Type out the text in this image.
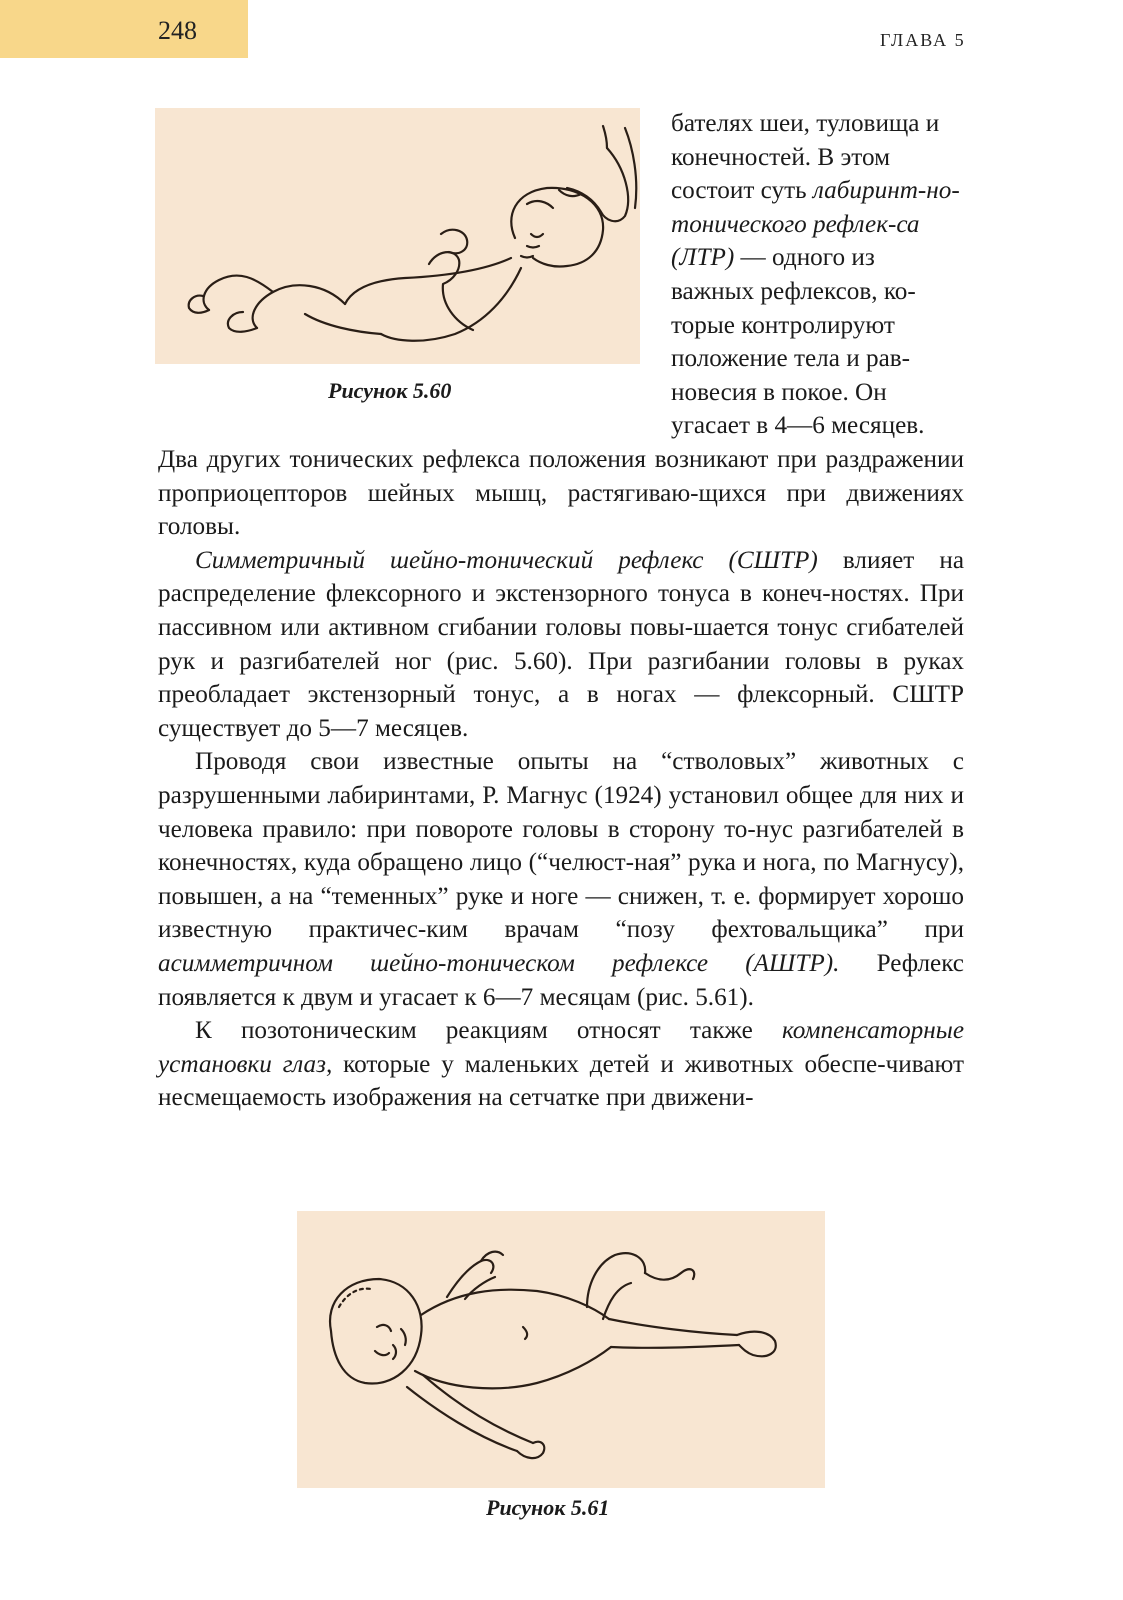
248	ГЛАВА 5
Рисунок 5.60

бателях шеи, туловища и конечностей. В этом состоит суть лабиринт-но-тонического рефлек-са (ЛТР) — одного из важных рефлексов, ко-торые контролируют положение тела и рав-новесия в покое. Он угасает в 4—6 месяцев.

Два других тонических рефлекса положения возникают при раздражении проприоцепторов шейных мышц, растягиваю-щихся при движениях головы.

Симметричный шейно-тонический рефлекс (СШТР) влияет на распределение флексорного и экстензорного тонуса в конеч-ностях. При пассивном или активном сгибании головы повы-шается тонус сгибателей рук и разгибателей ног (рис. 5.60). При разгибании головы в руках преобладает экстензорный тонус, а в ногах — флексорный. СШТР существует до 5—7 месяцев.

Проводя свои известные опыты на “стволовых” животных с разрушенными лабиринтами, Р. Магнус (1924) установил общее для них и человека правило: при повороте головы в сторону то-нус разгибателей в конечностях, куда обращено лицо (“челюст-ная” рука и нога, по Магнусу), повышен, а на “теменных” руке и ноге — снижен, т. е. формирует хорошо известную практичес-ким врачам “позу фехтовальщика” при асимметричном шейно-тоническом рефлексе (АШТР). Рефлекс появляется к двум и угасает к 6—7 месяцам (рис. 5.61).

К позотоническим реакциям относят также компенсаторные установки глаз, которые у маленьких детей и животных обеспе-чивают несмещаемость изображения на сетчатке при движени-

Рисунок 5.61
